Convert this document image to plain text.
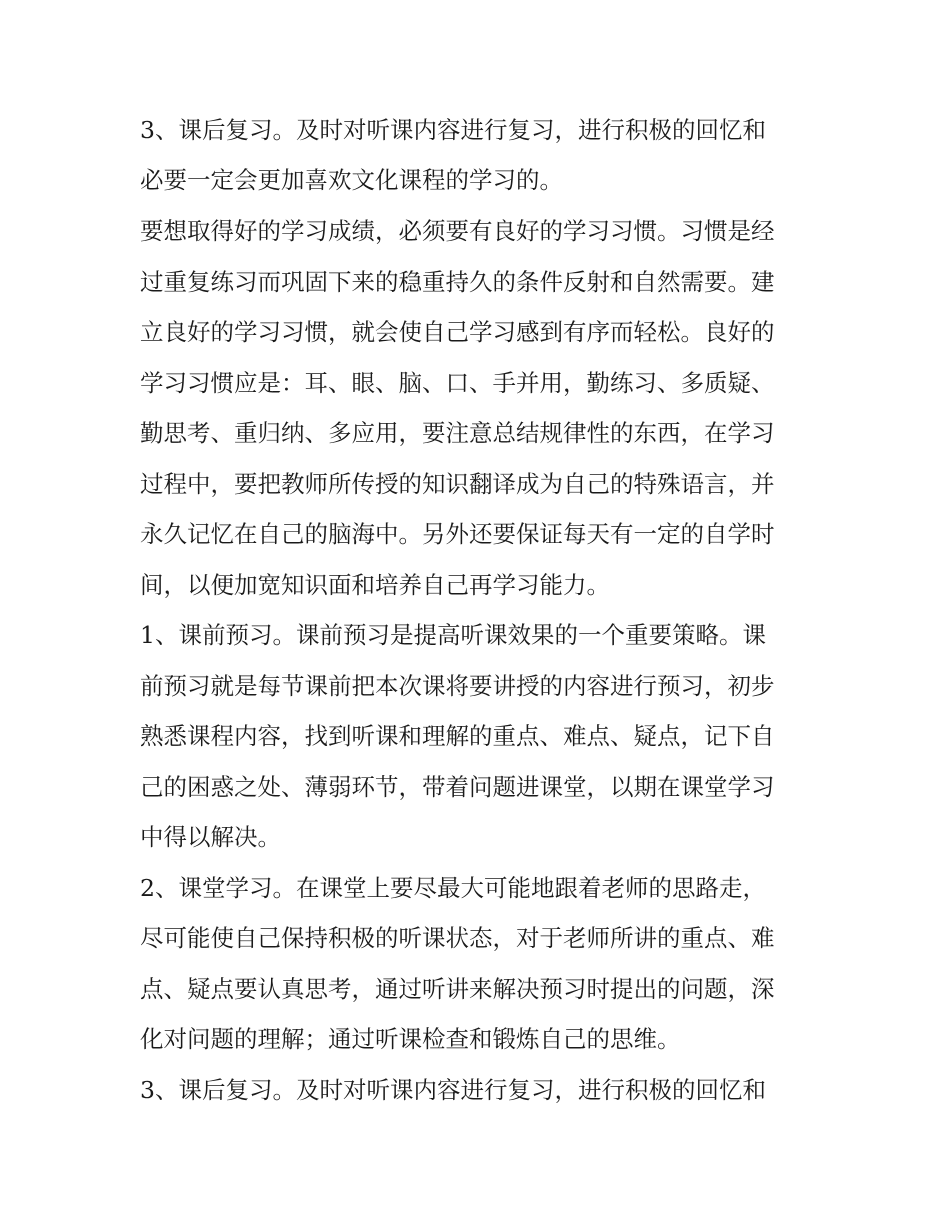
3、课后复习。及时对听课内容进行复习，进行积极的回忆和
必要一定会更加喜欢文化课程的学习的。
要想取得好的学习成绩，必须要有良好的学习习惯。习惯是经
过重复练习而巩固下来的稳重持久的条件反射和自然需要。建
立良好的学习习惯，就会使自己学习感到有序而轻松。良好的
学习习惯应是：耳、眼、脑、口、手并用，勤练习、多质疑、
勤思考、重归纳、多应用，要注意总结规律性的东西，在学习
过程中，要把教师所传授的知识翻译成为自己的特殊语言，并
永久记忆在自己的脑海中。另外还要保证每天有一定的自学时
间，以便加宽知识面和培养自己再学习能力。
1、课前预习。课前预习是提高听课效果的一个重要策略。课
前预习就是每节课前把本次课将要讲授的内容进行预习，初步
熟悉课程内容，找到听课和理解的重点、难点、疑点，记下自
己的困惑之处、薄弱环节，带着问题进课堂，以期在课堂学习
中得以解决。
2、课堂学习。在课堂上要尽最大可能地跟着老师的思路走，
尽可能使自己保持积极的听课状态，对于老师所讲的重点、难
点、疑点要认真思考，通过听讲来解决预习时提出的问题，深
化对问题的理解；通过听课检查和锻炼自己的思维。
3、课后复习。及时对听课内容进行复习，进行积极的回忆和
